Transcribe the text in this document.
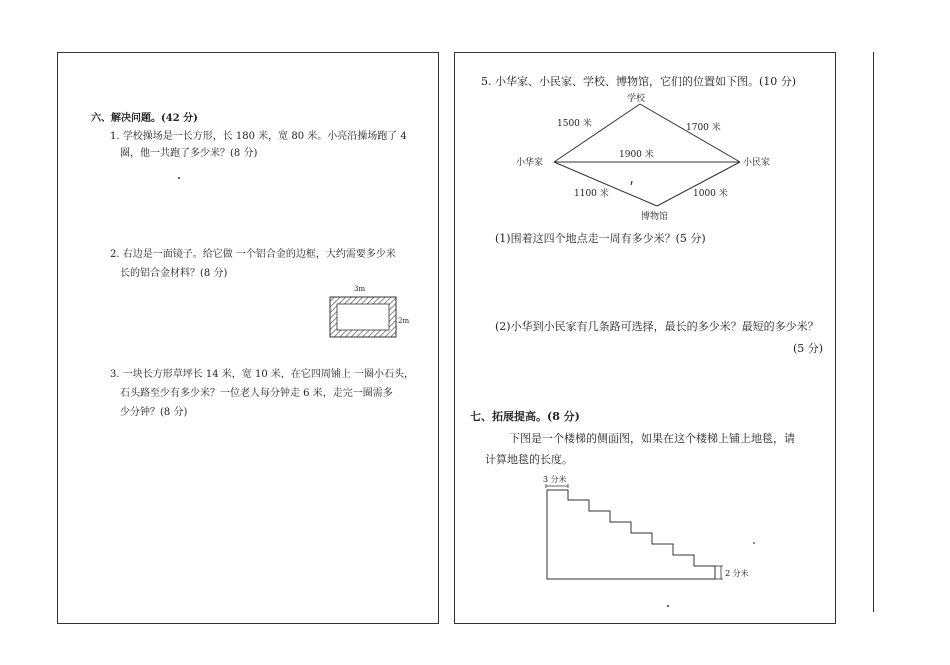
六、解决问题。(42 分)
1. 学校操场是一长方形，长 180 米，宽 80 米。小亮沿操场跑了 4
圈，他一共跑了多少米？(8 分)
2. 右边是一面镜子。给它做 一个铝合金的边框，大约需要多少米
长的铝合金材料？(8 分)
3m
2m
3. 一块长方形草坪长 14 米，宽 10 米，在它四周铺上 一圈小石头，
石头路至少有多少米？一位老人每分钟走 6 米，走完一圈需多
少分钟？(8 分)
5. 小华家、小民家、学校、博物馆，它们的位置如下图。(10 分)
学校
小华家	小民家
博物馆
1500 米	1700 米
1900 米
1100 米	1000 米
(1)围着这四个地点走一周有多少米？(5 分)
(2)小华到小民家有几条路可选择，最长的多少米？最短的多少米？
(5 分)
七、拓展提高。(8 分)
下图是一个楼梯的侧面图，如果在这个楼梯上铺上地毯，请
计算地毯的长度。
3 分米
2 分米
